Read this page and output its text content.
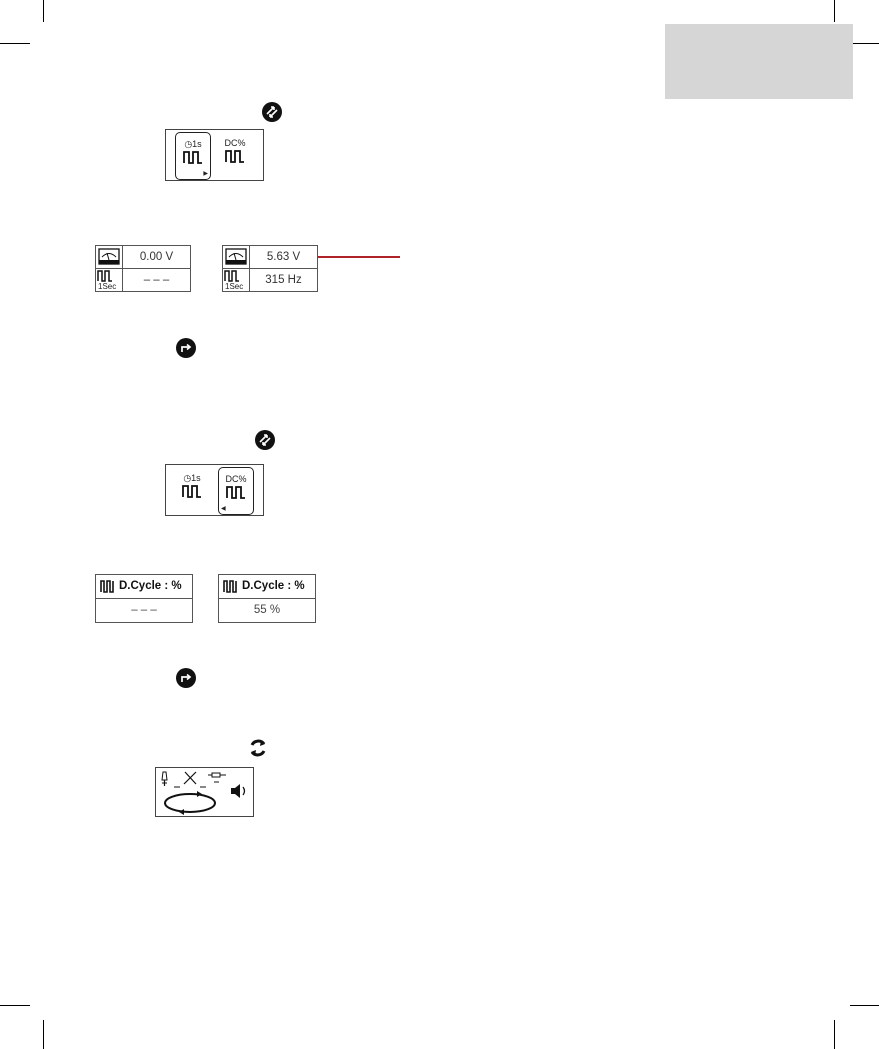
◷1s
▶
DC%
0.00 V
1Sec
– – –
5.63 V
1Sec
315 Hz
◷1s	DC%
◀
D.Cycle : %
– – –
D.Cycle : %
55 %
